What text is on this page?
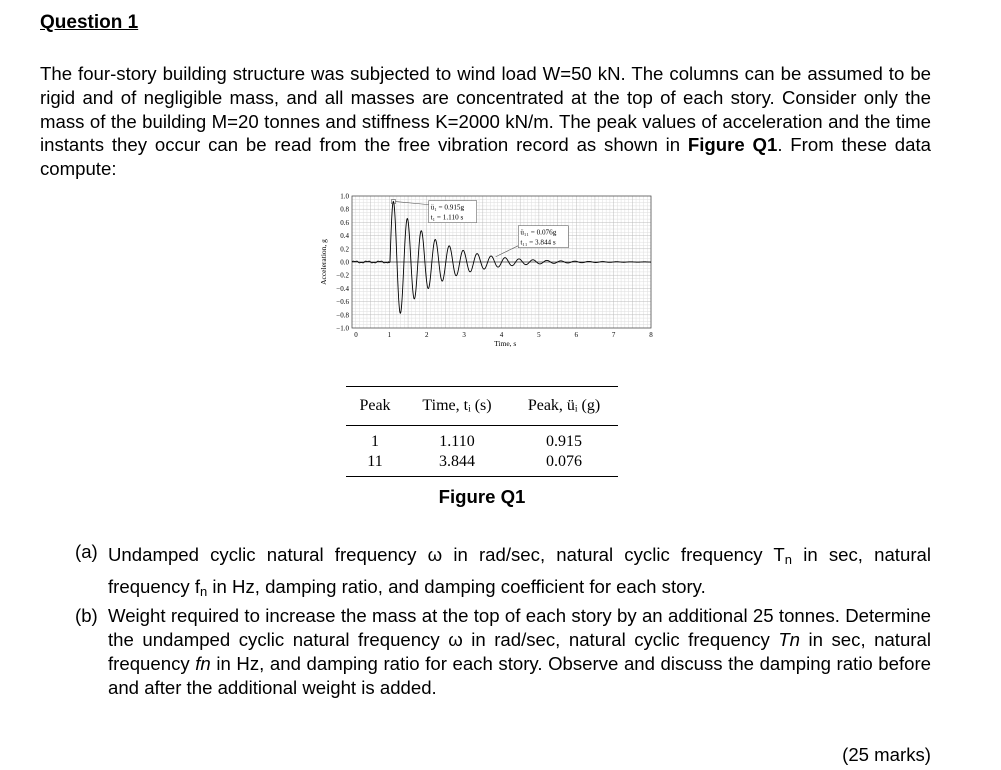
Question 1
The four-story building structure was subjected to wind load W=50 kN. The columns can be assumed to be rigid and of negligible mass, and all masses are concentrated at the top of each story. Consider only the mass of the building M=20 tonnes and stiffness K=2000 kN/m. The peak values of acceleration and the time instants they occur can be read from the free vibration record as shown in Figure Q1. From these data compute:
1.0
0.8
0.6
0.4
0.2
0.0
−0.2
−0.4
−0.6
−0.8
−1.0
0	1	2	3	4	5	6	7	8
Acceleration, g
Time, s
ü₁ = 0.915g
t₁ = 1.110 s
ü₁₁ = 0.076g
t₁₁ = 3.844 s
Peak	Time, tᵢ (s)	Peak, üᵢ (g)
1	1.110	0.915
11	3.844	0.076
Figure Q1
(a) Undamped cyclic natural frequency ω in rad/sec, natural cyclic frequency Tn in sec, natural frequency fn in Hz, damping ratio, and damping coefficient for each story.
(b) Weight required to increase the mass at the top of each story by an additional 25 tonnes. Determine the undamped cyclic natural frequency ω in rad/sec, natural cyclic frequency Tn in sec, natural frequency fn in Hz, and damping ratio for each story. Observe and discuss the damping ratio before and after the additional weight is added.
(25 marks)
